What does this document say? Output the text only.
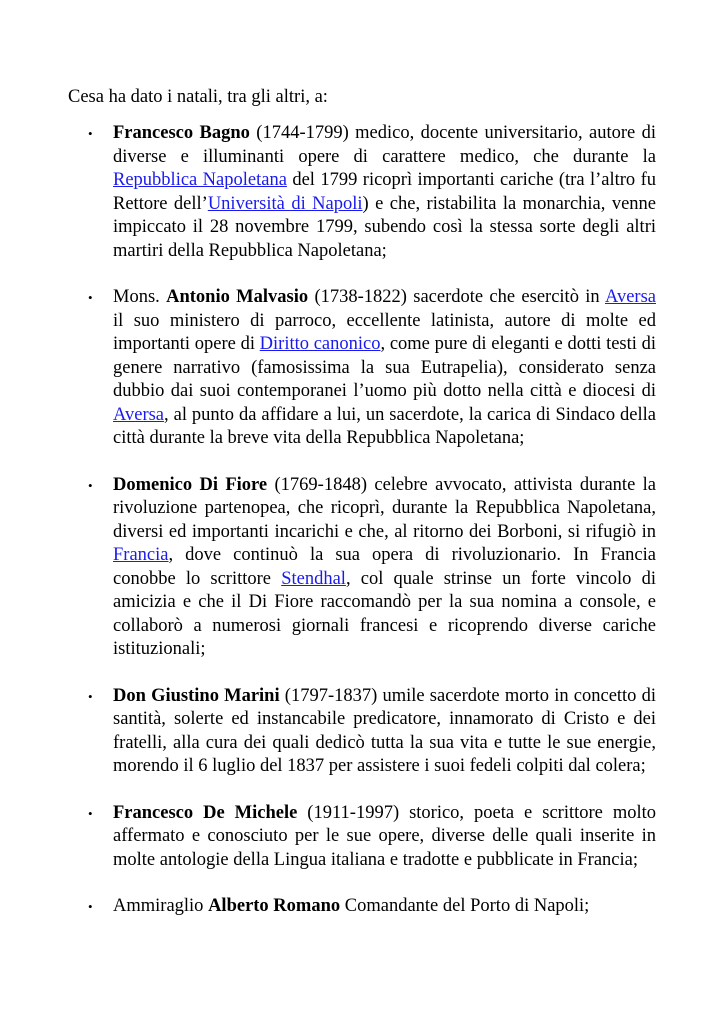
Cesa ha dato i natali, tra gli altri, a:

• Francesco Bagno (1744-1799) medico, docente universitario, autore di diverse e illuminanti opere di carattere medico, che durante la Repubblica Napoletana del 1799 ricoprì importanti cariche (tra l’altro fu Rettore dell’Università di Napoli) e che, ristabilita la monarchia, venne impiccato il 28 novembre 1799, subendo così la stessa sorte degli altri martiri della Repubblica Napoletana;
• Mons. Antonio Malvasio (1738-1822) sacerdote che esercitò in Aversa il suo ministero di parroco, eccellente latinista, autore di molte ed importanti opere di Diritto canonico, come pure di eleganti e dotti testi di genere narrativo (famosissima la sua Eutrapelia), considerato senza dubbio dai suoi contemporanei l’uomo più dotto nella città e diocesi di Aversa, al punto da affidare a lui, un sacerdote, la carica di Sindaco della città durante la breve vita della Repubblica Napoletana;
• Domenico Di Fiore (1769-1848) celebre avvocato, attivista durante la rivoluzione partenopea, che ricoprì, durante la Repubblica Napoletana, diversi ed importanti incarichi e che, al ritorno dei Borboni, si rifugiò in Francia, dove continuò la sua opera di rivoluzionario. In Francia conobbe lo scrittore Stendhal, col quale strinse un forte vincolo di amicizia e che il Di Fiore raccomandò per la sua nomina a console, e collaborò a numerosi giornali francesi e ricoprendo diverse cariche istituzionali;
• Don Giustino Marini (1797-1837) umile sacerdote morto in concetto di santità, solerte ed instancabile predicatore, innamorato di Cristo e dei fratelli, alla cura dei quali dedicò tutta la sua vita e tutte le sue energie, morendo il 6 luglio del 1837 per assistere i suoi fedeli colpiti dal colera;
• Francesco De Michele (1911-1997) storico, poeta e scrittore molto affermato e conosciuto per le sue opere, diverse delle quali inserite in molte antologie della Lingua italiana e tradotte e pubblicate in Francia;
• Ammiraglio Alberto Romano Comandante del Porto di Napoli;
